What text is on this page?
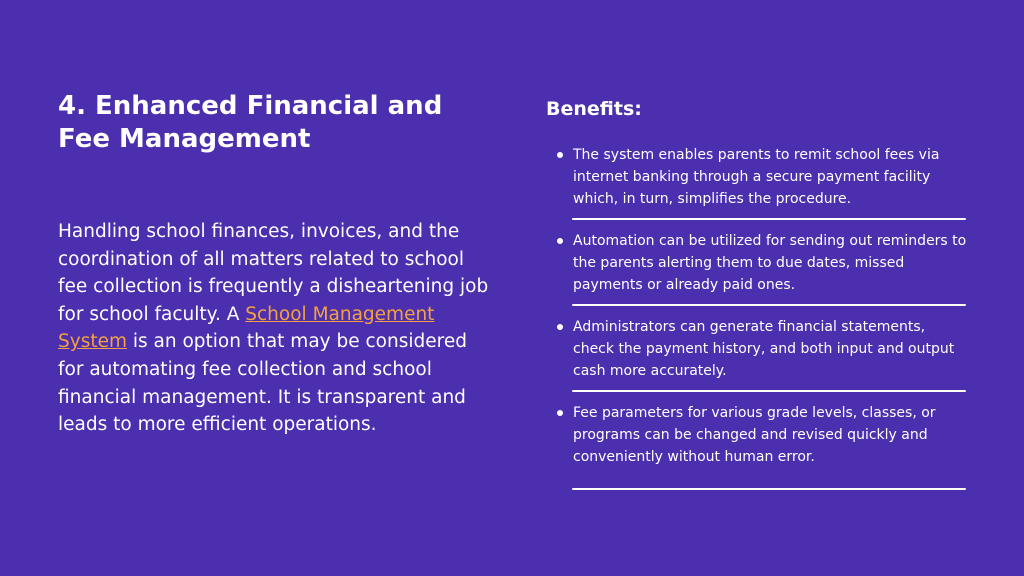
4. Enhanced Financial and Fee Management

Handling school finances, invoices, and the coordination of all matters related to school fee collection is frequently a disheartening job for school faculty. A School Management System is an option that may be considered for automating fee collection and school financial management. It is transparent and leads to more efficient operations.

Benefits:
The system enables parents to remit school fees via internet banking through a secure payment facility which, in turn, simplifies the procedure.
Automation can be utilized for sending out reminders to the parents alerting them to due dates, missed payments or already paid ones.
Administrators can generate financial statements, check the payment history, and both input and output cash more accurately.
Fee parameters for various grade levels, classes, or programs can be changed and revised quickly and conveniently without human error.
